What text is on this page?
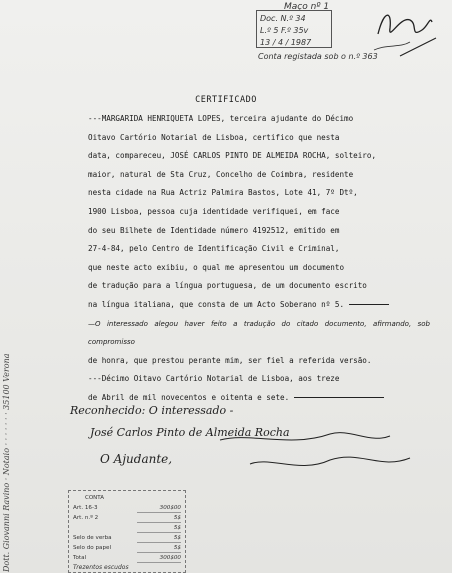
Maço nº 1
Doc. N.º 34
L.º 5 F.º 35v
13 / 4 / 1987
Conta registada sob o n.º 363
CERTIFICADO

---MARGARIDA HENRIQUETA LOPES, terceira ajudante do Décimo

Oitavo Cartório Notarial de Lisboa, certifico que nesta

data, compareceu, JOSÉ CARLOS PINTO DE ALMEIDA ROCHA, solteiro,

maior, natural de Sta Cruz, Concelho de Coimbra, residente

nesta cidade na Rua Actriz Palmira Bastos, Lote 41, 7º Dtº,

1900 Lisboa, pessoa cuja identidade verifiquei, em face

do seu Bilhete de Identidade número 4192512, emitido em

27-4-84, pelo Centro de Identificação Civil e Criminal,

que neste acto exibiu, o qual me apresentou um documento

de tradução para a língua portuguesa, de um documento escrito

na língua italiana, que consta de um Acto Soberano nº 5.

—O interessado alegou haver feito a tradução do citado documento, afirmando, sob compromisso

de honra, que prestou perante mim, ser fiel a referida versão.

---Décimo Oitavo Cartório Notarial de Lisboa, aos treze

de Abril de mil novecentos e oitenta e sete.

Dott. Giovanni Ravino · Notaio · · · · · · · 35100 Verona	Reconhecido: O interessado -
José Carlos Pinto de Almeida Rocha
O Ajudante,
CONTA
Art. 16-3	300$00
Art. n.º 2	5$
5$
Selo de verba	5$
Selo do papel	5$
Total	300$00
Trezentos escudos
